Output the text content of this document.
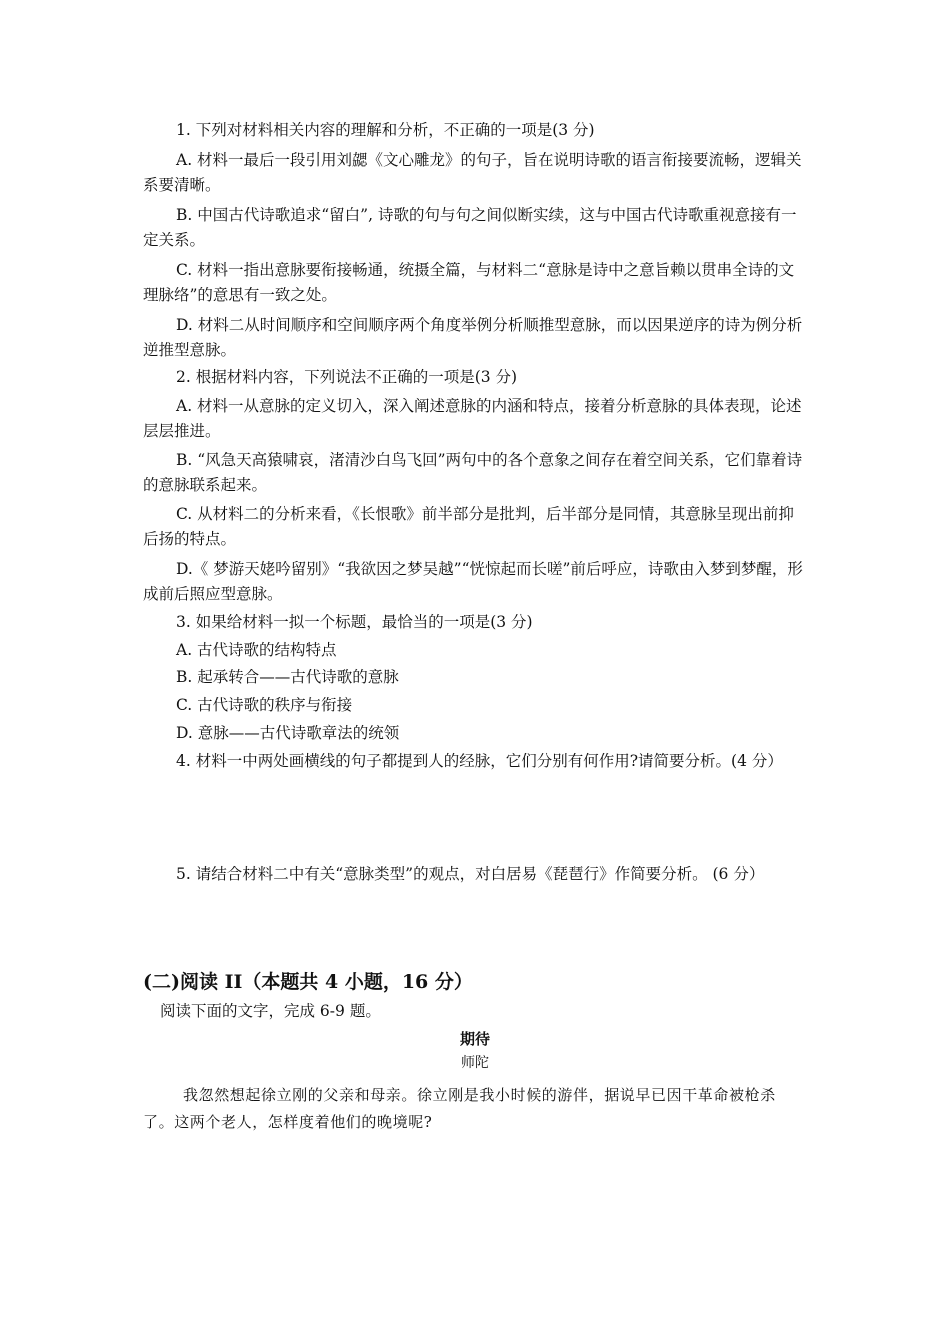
1. 下列对材料相关内容的理解和分析，不正确的一项是(3 分)

A. 材料一最后一段引用刘勰《文心雕龙》的句子，旨在说明诗歌的语言衔接要流畅，逻辑关系要清晰。

B. 中国古代诗歌追求“留白”, 诗歌的句与句之间似断实续，这与中国古代诗歌重视意接有一定关系。

C. 材料一指出意脉要衔接畅通，统摄全篇，与材料二“意脉是诗中之意旨赖以贯串全诗的文理脉络”的意思有一致之处。

D. 材料二从时间顺序和空间顺序两个角度举例分析顺推型意脉，而以因果逆序的诗为例分析逆推型意脉。

2. 根据材料内容，下列说法不正确的一项是(3 分)

A. 材料一从意脉的定义切入，深入阐述意脉的内涵和特点，接着分析意脉的具体表现，论述层层推进。

B. “风急天高猿啸哀，渚清沙白鸟飞回”两句中的各个意象之间存在着空间关系，它们靠着诗的意脉联系起来。

C. 从材料二的分析来看，《长恨歌》前半部分是批判，后半部分是同情，其意脉呈现出前抑后扬的特点。

D.《 梦游天姥吟留别》“我欲因之梦吴越”“恍惊起而长嗟”前后呼应，诗歌由入梦到梦醒，形成前后照应型意脉。

3. 如果给材料一拟一个标题，最恰当的一项是(3 分)

A. 古代诗歌的结构特点

B. 起承转合——古代诗歌的意脉

C. 古代诗歌的秩序与衔接

D. 意脉——古代诗歌章法的统领

4. 材料一中两处画横线的句子都提到人的经脉，它们分别有何作用?请简要分析。(4 分）

5. 请结合材料二中有关“意脉类型”的观点，对白居易《琵琶行》作简要分析。 (6 分）

(二)阅读 II（本题共 4 小题，16 分）

阅读下面的文字，完成 6-9 题。

期待

师陀

我忽然想起徐立刚的父亲和母亲。徐立刚是我小时候的游伴，据说早已因干革命被枪杀了。这两个老人，怎样度着他们的晚境呢?
